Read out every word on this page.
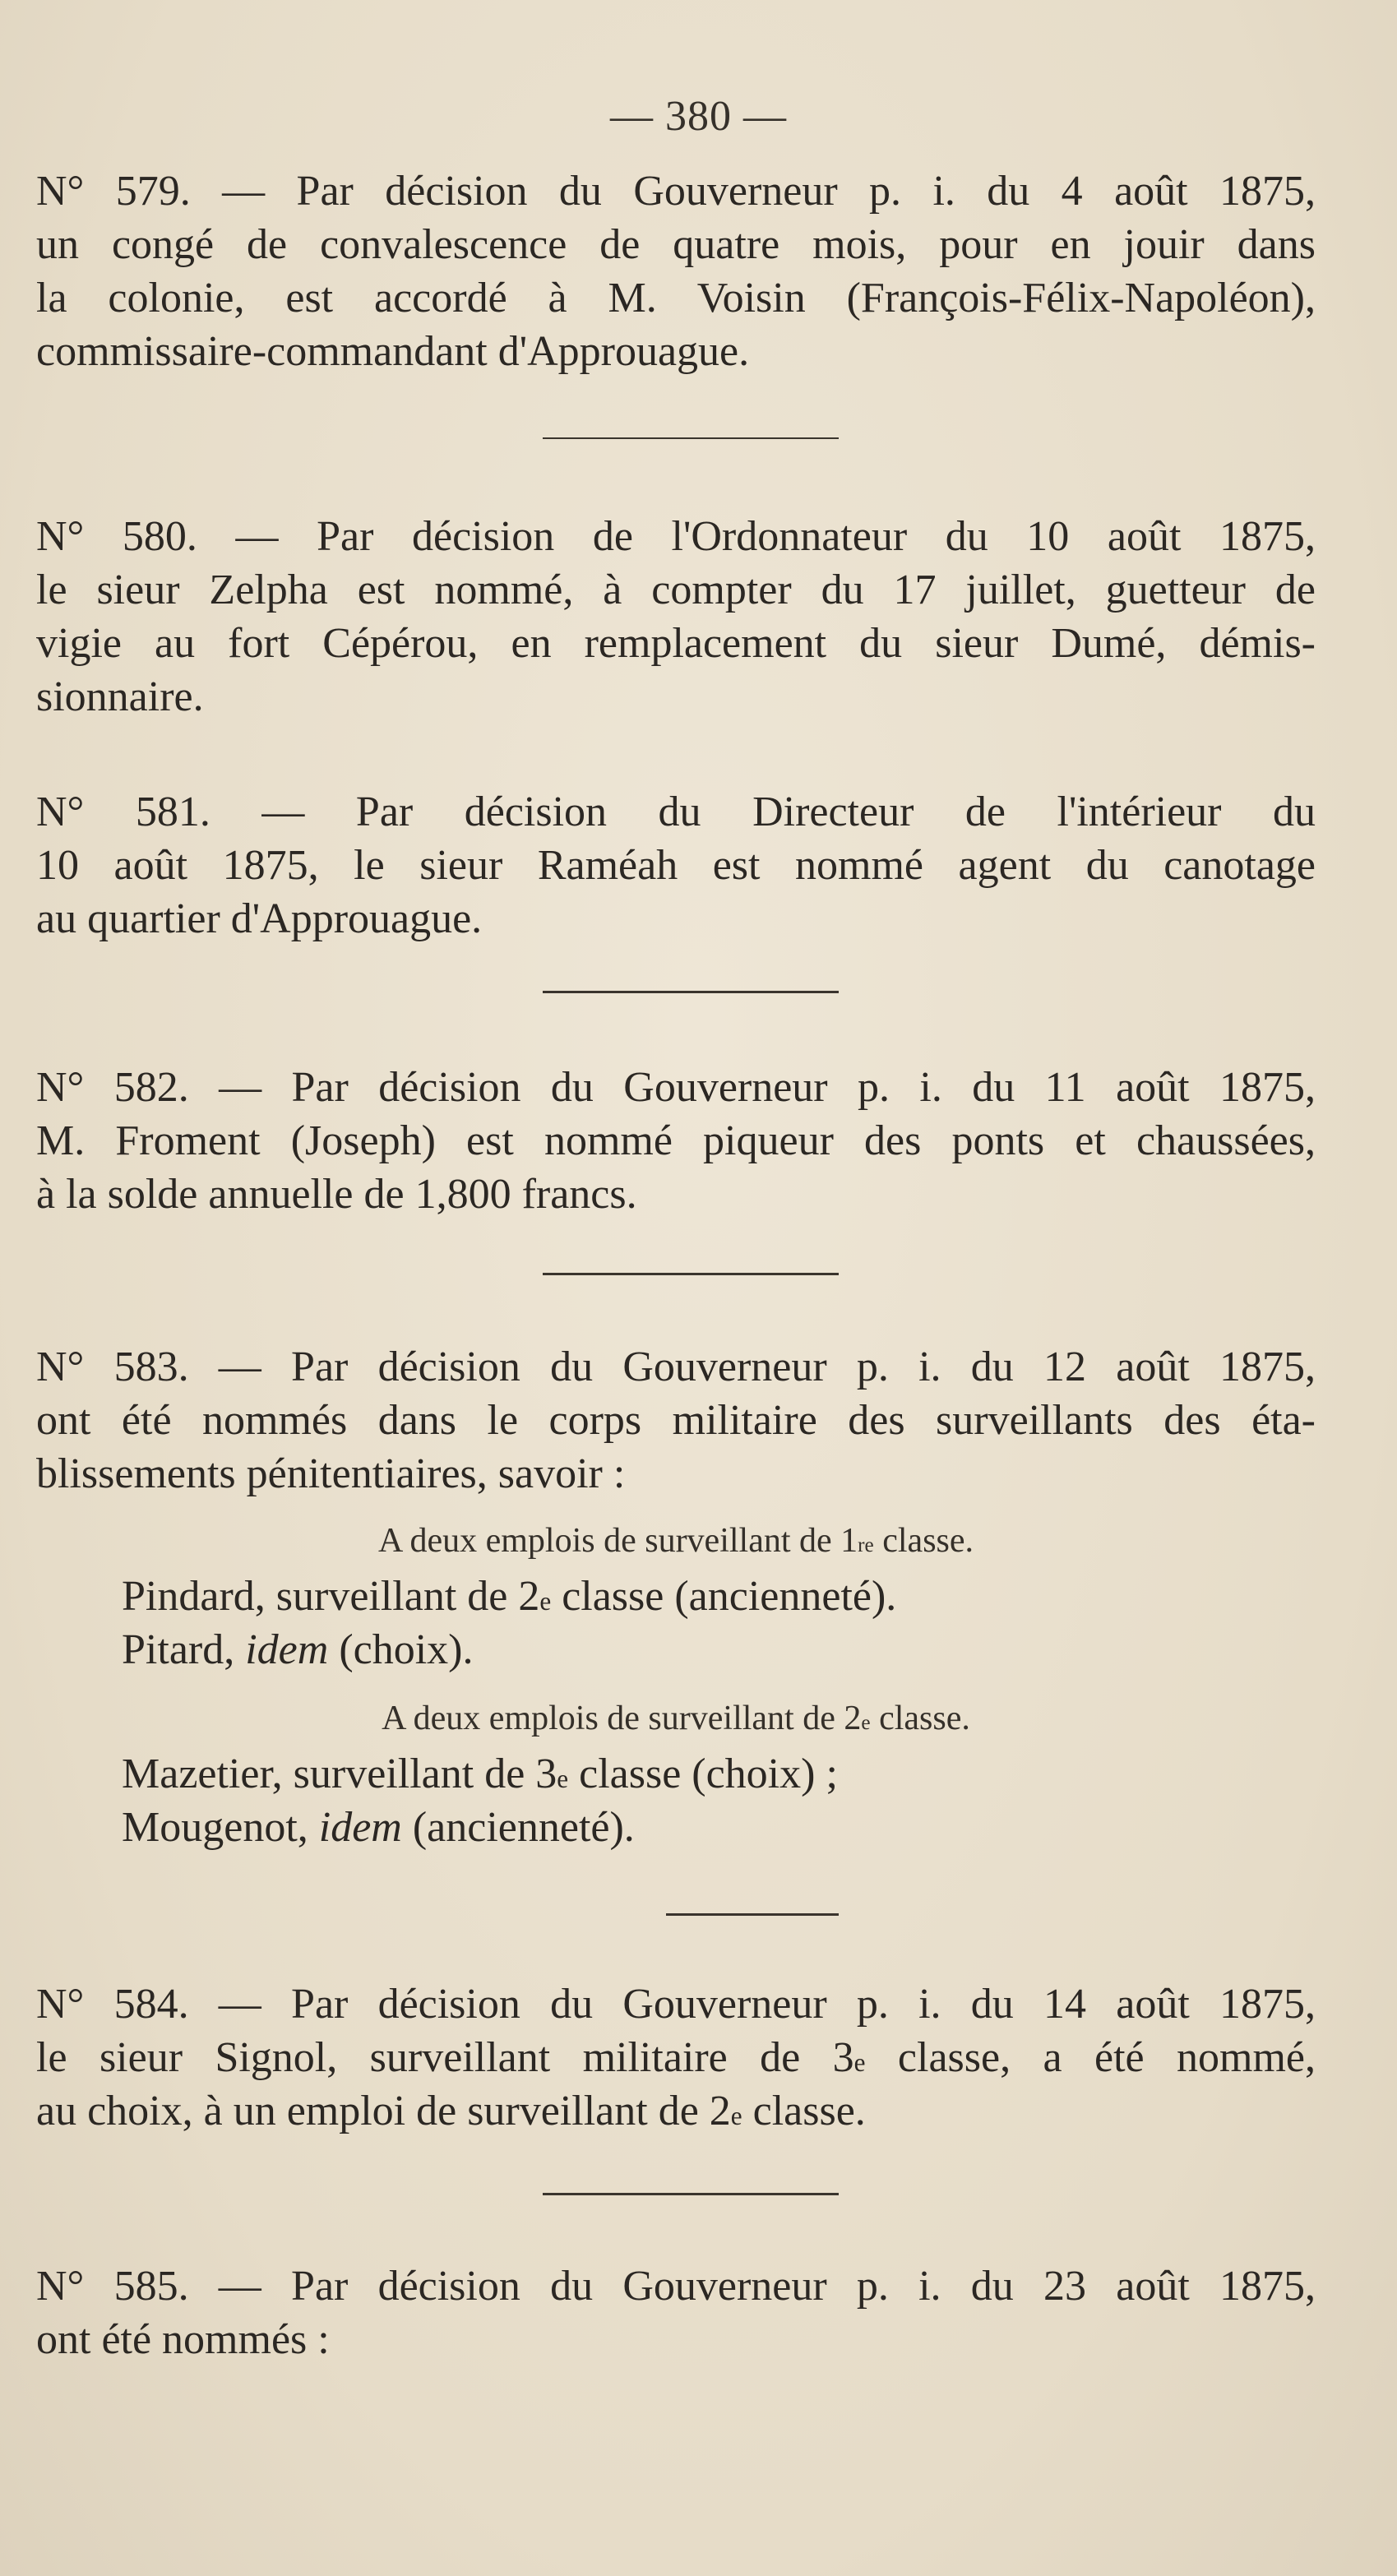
— 380 —
N° 579. — Par décision du Gouverneur p. i. du 4 août 1875,
un congé de convalescence de quatre mois, pour en jouir dans
la colonie, est accordé à M. Voisin (François-Félix-Napoléon),
commissaire-commandant d'Approuague.
N° 580. — Par décision de l'Ordonnateur du 10 août 1875,
le sieur Zelpha est nommé, à compter du 17 juillet, guetteur de
vigie au fort Cépérou, en remplacement du sieur Dumé, démis-
sionnaire.
N° 581. — Par décision du Directeur de l'intérieur du
10 août 1875, le sieur Raméah est nommé agent du canotage
au quartier d'Approuague.
N° 582. — Par décision du Gouverneur p. i. du 11 août 1875,
M. Froment (Joseph) est nommé piqueur des ponts et chaussées,
à la solde annuelle de 1,800 francs.
N° 583. — Par décision du Gouverneur p. i. du 12 août 1875,
ont été nommés dans le corps militaire des surveillants des éta-
blissements pénitentiaires, savoir :
A deux emplois de surveillant de 1re classe.
Pindard, surveillant de 2e classe (ancienneté).
Pitard, idem (choix).
A deux emplois de surveillant de 2e classe.
Mazetier, surveillant de 3e classe (choix) ;
Mougenot, idem (ancienneté).
N° 584. — Par décision du Gouverneur p. i. du 14 août 1875,
le sieur Signol, surveillant militaire de 3e classe, a été nommé,
au choix, à un emploi de surveillant de 2e classe.
N° 585. — Par décision du Gouverneur p. i. du 23 août 1875,
ont été nommés :
